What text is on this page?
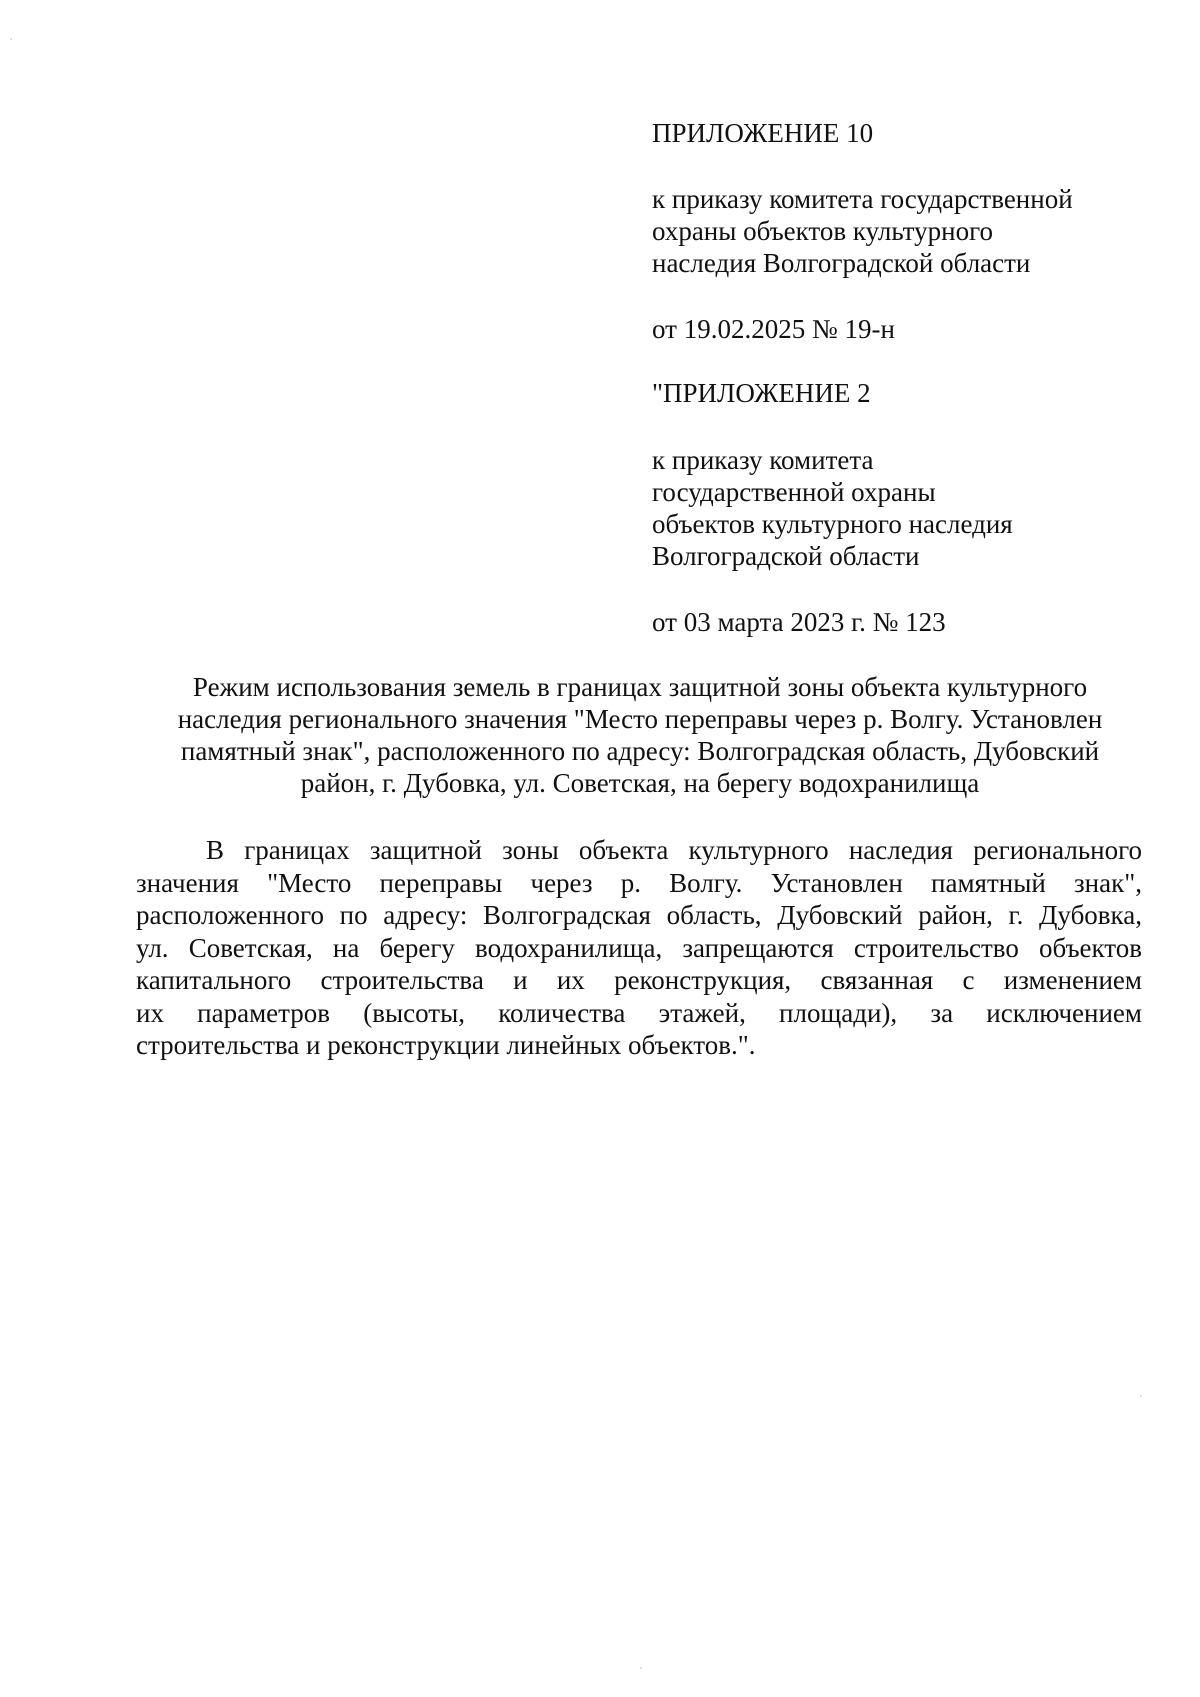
ПРИЛОЖЕНИЕ 10
к приказу комитета государственной
охраны объектов культурного
наследия Волгоградской области
от 19.02.2025 № 19-н
"ПРИЛОЖЕНИЕ 2
к приказу комитета
государственной охраны
объектов культурного наследия
Волгоградской области
от 03 марта 2023 г. № 123
Режим использования земель в границах защитной зоны объекта культурного
наследия регионального значения "Место переправы через р. Волгу. Установлен
памятный знак", расположенного по адресу: Волгоградская область, Дубовский
район, г. Дубовка, ул. Советская, на берегу водохранилища
В границах защитной зоны объекта культурного наследия регионального
значения "Место переправы через р. Волгу. Установлен памятный знак",
расположенного по адресу: Волгоградская область, Дубовский район, г. Дубовка,
ул. Советская, на берегу водохранилища, запрещаются строительство объектов
капитального строительства и их реконструкция, связанная с изменением
их параметров (высоты, количества этажей, площади), за исключением
строительства и реконструкции линейных объектов.".
